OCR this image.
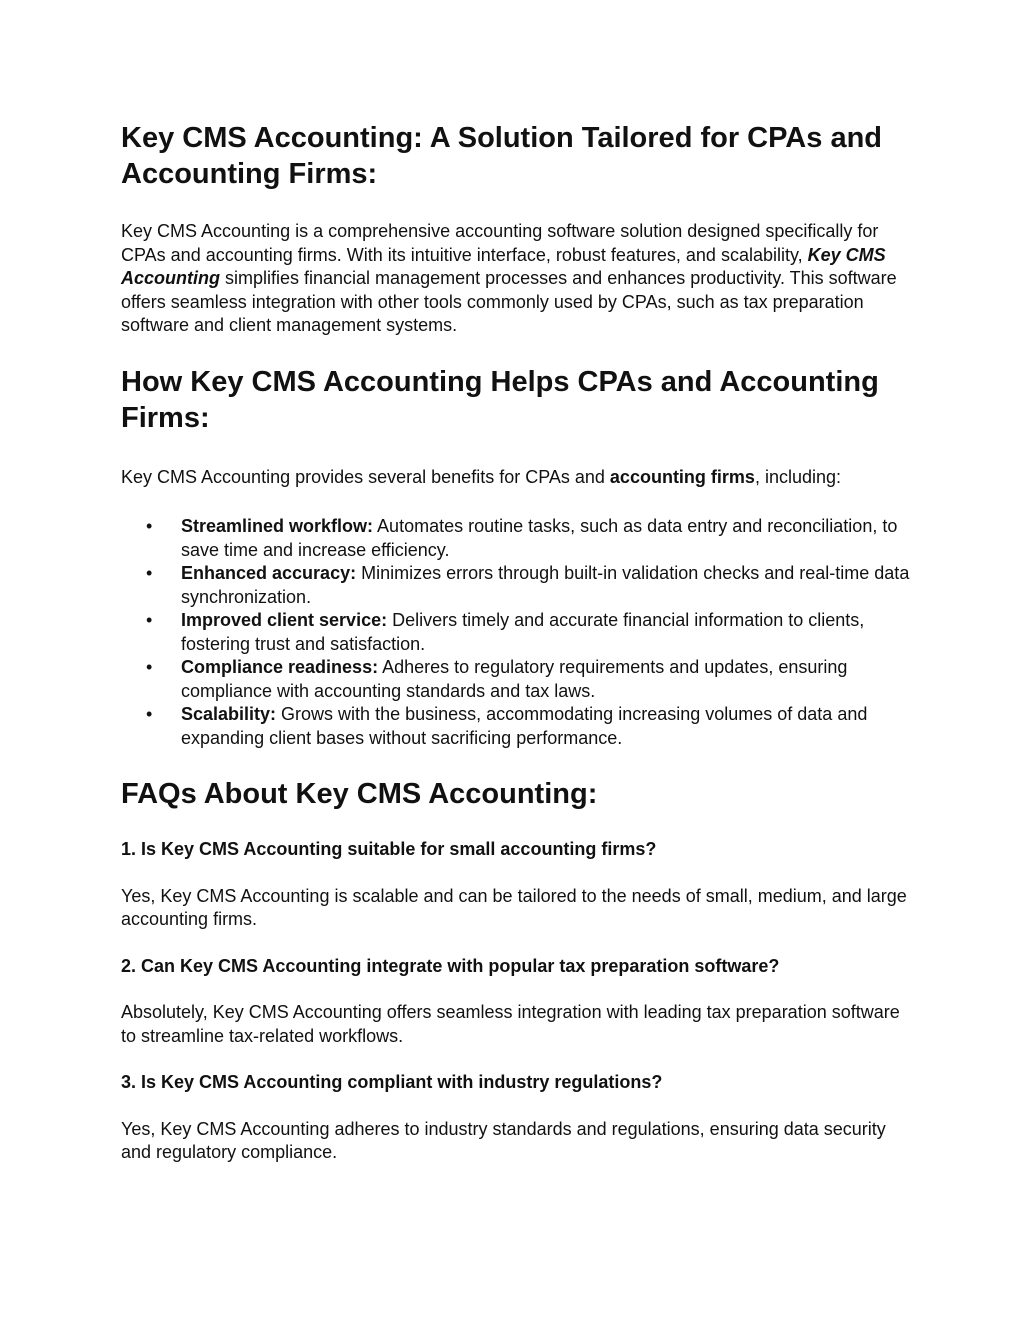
Key CMS Accounting: A Solution Tailored for CPAs and Accounting Firms:

Key CMS Accounting is a comprehensive accounting software solution designed specifically for CPAs and accounting firms. With its intuitive interface, robust features, and scalability, Key CMS Accounting simplifies financial management processes and enhances productivity. This software offers seamless integration with other tools commonly used by CPAs, such as tax preparation software and client management systems.

How Key CMS Accounting Helps CPAs and Accounting Firms:

Key CMS Accounting provides several benefits for CPAs and accounting firms, including:

• Streamlined workflow: Automates routine tasks, such as data entry and reconciliation, to save time and increase efficiency.
• Enhanced accuracy: Minimizes errors through built-in validation checks and real-time data synchronization.
• Improved client service: Delivers timely and accurate financial information to clients, fostering trust and satisfaction.
• Compliance readiness: Adheres to regulatory requirements and updates, ensuring compliance with accounting standards and tax laws.
• Scalability: Grows with the business, accommodating increasing volumes of data and expanding client bases without sacrificing performance.
FAQs About Key CMS Accounting:

1. Is Key CMS Accounting suitable for small accounting firms?

Yes, Key CMS Accounting is scalable and can be tailored to the needs of small, medium, and large accounting firms.

2. Can Key CMS Accounting integrate with popular tax preparation software?

Absolutely, Key CMS Accounting offers seamless integration with leading tax preparation software to streamline tax-related workflows.

3. Is Key CMS Accounting compliant with industry regulations?

Yes, Key CMS Accounting adheres to industry standards and regulations, ensuring data security and regulatory compliance.
